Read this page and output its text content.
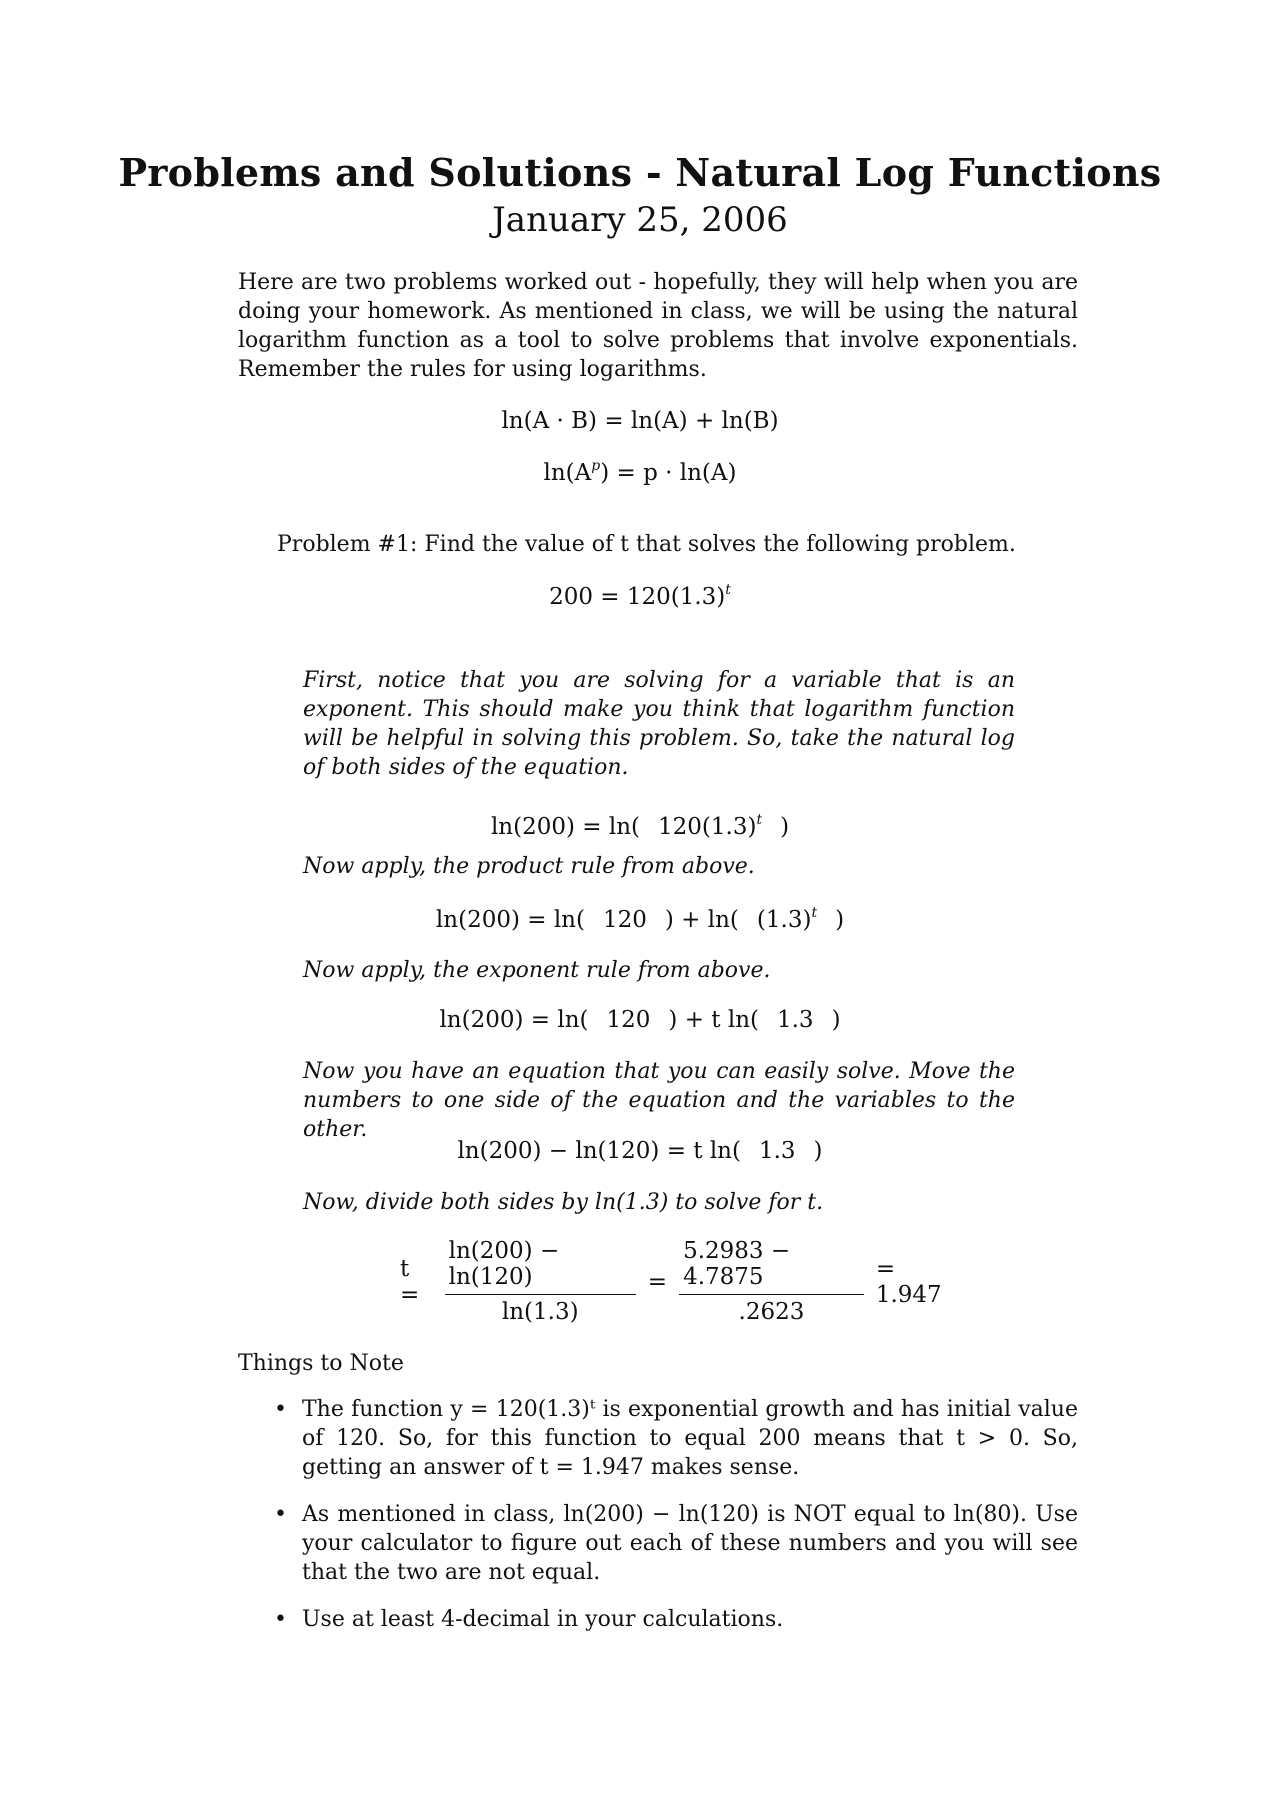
Problems and Solutions - Natural Log Functions
January 25, 2006
Here are two problems worked out - hopefully, they will help when you are doing your homework. As mentioned in class, we will be using the natural logarithm function as a tool to solve problems that involve exponentials. Remember the rules for using logarithms.
ln(A · B) = ln(A) + ln(B)
$\ln(A^p) = p \cdot \ln(A)$
Problem #1: Find the value of t that solves the following problem.
$200 = 120(1.3)^t$
First, notice that you are solving for a variable that is an exponent. This should make you think that logarithm function will be helpful in solving this problem. So, take the natural log of both sides of the equation.
ln(200) = ln( $120(1.3)^t$ )
Now apply, the product rule from above.
ln(200) = ln( 120 ) + ln( $(1.3)^t$ )
Now apply, the exponent rule from above.
ln(200) = ln( 120 ) + t ln( 1.3 )
Now you have an equation that you can easily solve. Move the numbers to one side of the equation and the variables to the other.
ln(200) − ln(120) = t ln( 1.3 )
Now, divide both sides by ln(1.3) to solve for t.
t =	$\frac{\ln(200) - \ln(120)}{\ln(1.3)} = \frac{5.2983 - 4.7875}{.2623} = 1.947$
Things to Note
• The function y = 120(1.3)ᵗ is exponential growth and has initial value of 120. So, for this function to equal 200 means that t > 0. So, getting an answer of t = 1.947 makes sense.
• As mentioned in class, ln(200) − ln(120) is NOT equal to ln(80). Use your calculator to figure out each of these numbers and you will see that the two are not equal.
• Use at least 4-decimal in your calculations.
